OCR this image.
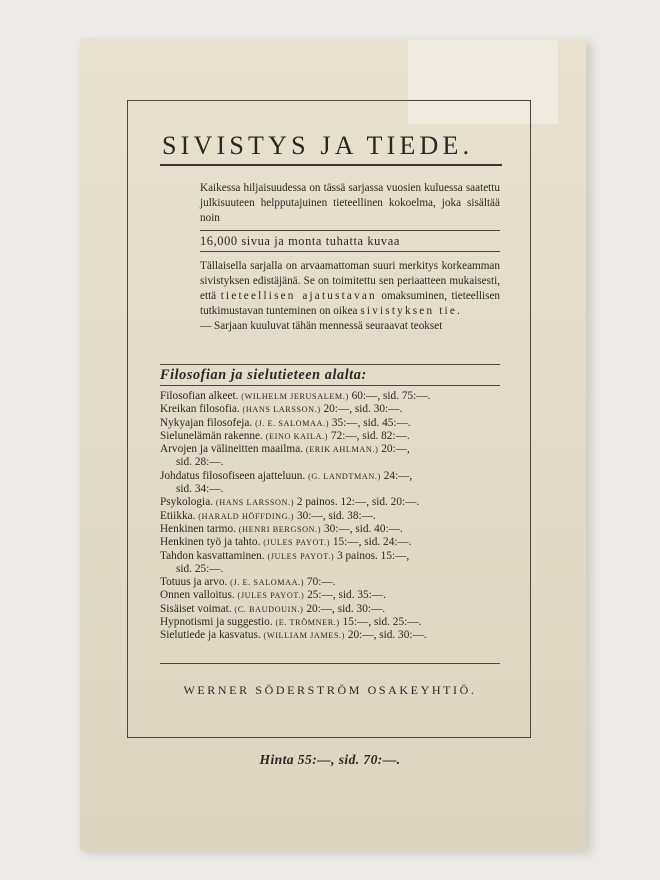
SIVISTYS JA TIEDE.

Kaikessa hiljaisuudessa on tässä sarjassa vuosien kuluessa saatettu julkisuuteen helpputajuinen tieteellinen kokoelma, joka sisältää noin

16,000 sivua ja monta tuhatta kuvaa

Tällaisella sarjalla on arvaamattoman suuri merkitys korkeamman sivistyksen edistäjänä. Se on toimitettu sen periaatteen mukaisesti, että tieteellisen ajatustavan omaksuminen, tieteellisen tutkimustavan tunteminen on oikea sivistyksen tie.

— Sarjaan kuuluvat tähän mennessä seuraavat teokset

Filosofian ja sielutieteen alalta:
Filosofian alkeet. (WILHELM JERUSALEM.) 60:—, sid. 75:—.
Kreikan filosofia. (HANS LARSSON.) 20:—, sid. 30:—.
Nykyajan filosofeja. (J. E. SALOMAA.) 35:—, sid. 45:—.
Sielunelämän rakenne. (EINO KAILA.) 72:—, sid. 82:—.
Arvojen ja välineitten maailma. (ERIK AHLMAN.) 20:—,
sid. 28:—.
Johdatus filosofiseen ajatteluun. (G. LANDTMAN.) 24:—,
sid. 34:—.
Psykologia. (HANS LARSSON.) 2 painos. 12:—, sid. 20:—.
Etiikka. (HARALD HÖFFDING.) 30:—, sid. 38:—.
Henkinen tarmo. (HENRI BERGSON.) 30:—, sid. 40:—.
Henkinen työ ja tahto. (JULES PAYOT.) 15:—, sid. 24:—.
Tahdon kasvattaminen. (JULES PAYOT.) 3 painos. 15:—,
sid. 25:—.
Totuus ja arvo. (J. E. SALOMAA.) 70:—.
Onnen valloitus. (JULES PAYOT.) 25:—, sid. 35:—.
Sisäiset voimat. (C. BAUDOUIN.) 20:—, sid. 30:—.
Hypnotismi ja suggestio. (E. TRÖMNER.) 15:—, sid. 25:—.
Sielutiede ja kasvatus. (WILLIAM JAMES.) 20:—, sid. 30:—.
WERNER SÖDERSTRÖM OSAKEYHTIÖ.
Hinta 55:—, sid. 70:—.
